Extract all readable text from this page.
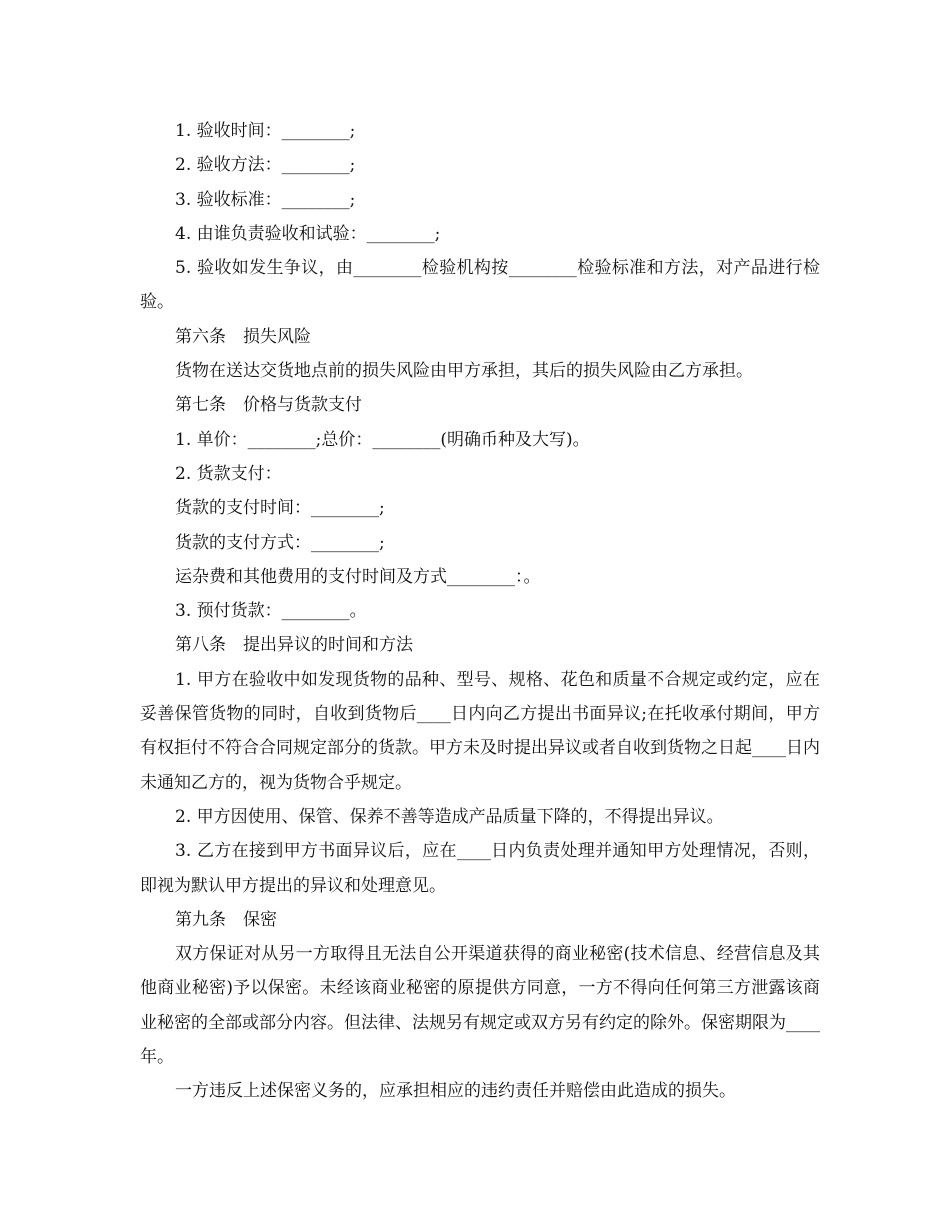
1. 验收时间：________;

2. 验收方法：________;

3. 验收标准：________;

4. 由谁负责验收和试验：________;

5. 验收如发生争议，由________检验机构按________检验标准和方法，对产品进行检验。

第六条　损失风险

货物在送达交货地点前的损失风险由甲方承担，其后的损失风险由乙方承担。

第七条　价格与货款支付

1. 单价：________;总价：________(明确币种及大写)。

2. 货款支付：

货款的支付时间：________;

货款的支付方式：________;

运杂费和其他费用的支付时间及方式________：。

3. 预付货款：________。

第八条　提出异议的时间和方法

1. 甲方在验收中如发现货物的品种、型号、规格、花色和质量不合规定或约定，应在妥善保管货物的同时，自收到货物后____日内向乙方提出书面异议;在托收承付期间，甲方有权拒付不符合合同规定部分的货款。甲方未及时提出异议或者自收到货物之日起____日内未通知乙方的，视为货物合乎规定。

2. 甲方因使用、保管、保养不善等造成产品质量下降的，不得提出异议。

3. 乙方在接到甲方书面异议后，应在____日内负责处理并通知甲方处理情况，否则，即视为默认甲方提出的异议和处理意见。

第九条　保密

双方保证对从另一方取得且无法自公开渠道获得的商业秘密(技术信息、经营信息及其他商业秘密)予以保密。未经该商业秘密的原提供方同意，一方不得向任何第三方泄露该商业秘密的全部或部分内容。但法律、法规另有规定或双方另有约定的除外。保密期限为____年。

一方违反上述保密义务的，应承担相应的违约责任并赔偿由此造成的损失。
